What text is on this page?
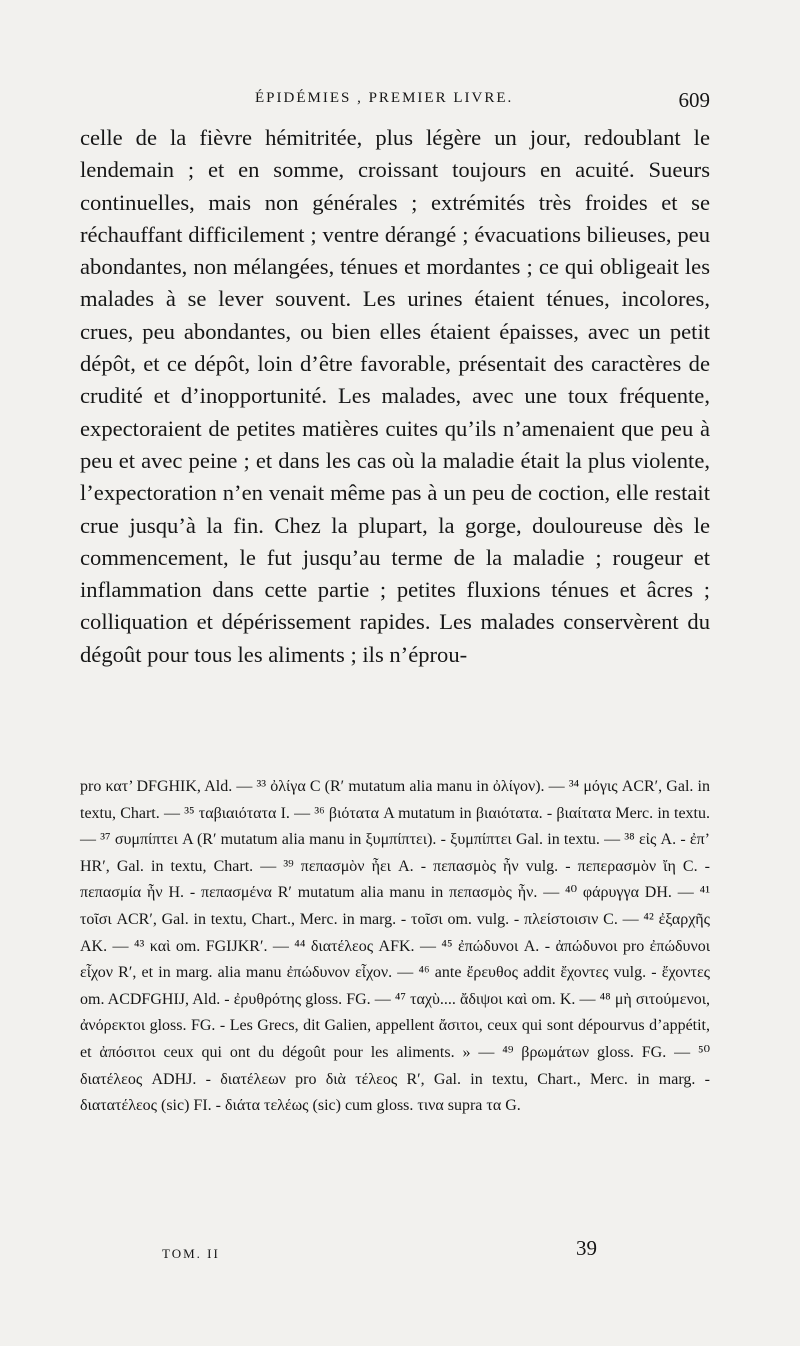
ÉPIDÉMIES , PREMIER LIVRE.	609

celle de la fièvre hémitritée, plus légère un jour, redoublant le lendemain ; et en somme, croissant toujours en acuité. Sueurs continuelles, mais non générales ; extrémités très froides et se réchauffant difficilement ; ventre dérangé ; évacuations bilieuses, peu abondantes, non mélangées, ténues et mordantes ; ce qui obligeait les malades à se lever souvent. Les urines étaient ténues, incolores, crues, peu abondantes, ou bien elles étaient épaisses, avec un petit dépôt, et ce dépôt, loin d’être favorable, présentait des caractères de crudité et d’inopportunité. Les malades, avec une toux fréquente, expectoraient de petites matières cuites qu’ils n’amenaient que peu à peu et avec peine ; et dans les cas où la maladie était la plus violente, l’expectoration n’en venait même pas à un peu de coction, elle restait crue jusqu’à la fin. Chez la plupart, la gorge, douloureuse dès le commencement, le fut jusqu’au terme de la maladie ; rougeur et inflammation dans cette partie ; petites fluxions ténues et âcres ; colliquation et dépérissement rapides. Les malades conservèrent du dégoût pour tous les aliments ; ils n’éprou-

pro κατ’ DFGHIK, Ald. — ³³ ὀλίγα C (R′ mutatum alia manu in ὀλίγον). — ³⁴ μόγις ACR′, Gal. in textu, Chart. — ³⁵ ταβιαιότατα I. — ³⁶ βιότατα A mutatum in βιαιότατα. - βιαίτατα Merc. in textu. — ³⁷ συμπίπτει A (R′ mutatum alia manu in ξυμπίπτει). - ξυμπίπτει Gal. in textu. — ³⁸ εἰς A. - ἐπ’ HR′, Gal. in textu, Chart. — ³⁹ πεπασμὸν ἦει A. - πεπασμὸς ἦν vulg. - πεπερασμὸν ἴη C. - πεπασμία ἦν H. - πεπασμένα R′ mutatum alia manu in πεπασμὸς ἦν. — ⁴⁰ φάρυγγα DH. — ⁴¹ τοῖσι ACR′, Gal. in textu, Chart., Merc. in marg. - τοῖσι om. vulg. - πλείστοισιν C. — ⁴² ἐξαρχῆς AK. — ⁴³ καὶ om. FGIJKR′. — ⁴⁴ διατέλεος AFK. — ⁴⁵ ἐπώδυνοι A. - ἀπώδυνοι pro ἐπώδυνοι εἶχον R′, et in marg. alia manu ἐπώδυνον εἶχον. — ⁴⁶ ante ἔρευθος addit ἔχοντες vulg. - ἔχοντες om. ACDFGHIJ, Ald. - ἐρυθρότης gloss. FG. — ⁴⁷ ταχὺ.... ἄδιψοι καὶ om. K. — ⁴⁸ μὴ σιτούμενοι, ἀνόρεκτοι gloss. FG. - Les Grecs, dit Galien, appellent ἄσιτοι, ceux qui sont dépourvus d’appétit, et ἀπόσιτοι ceux qui ont du dégoût pour les aliments. » — ⁴⁹ βρωμάτων gloss. FG. — ⁵⁰ διατέλεος ADHJ. - διατέλεων pro διὰ τέλεος R′, Gal. in textu, Chart., Merc. in marg. - διατατέλεος (sic) FI. - διάτα τελέως (sic) cum gloss. τινα supra τα G.

TOM. II	39
